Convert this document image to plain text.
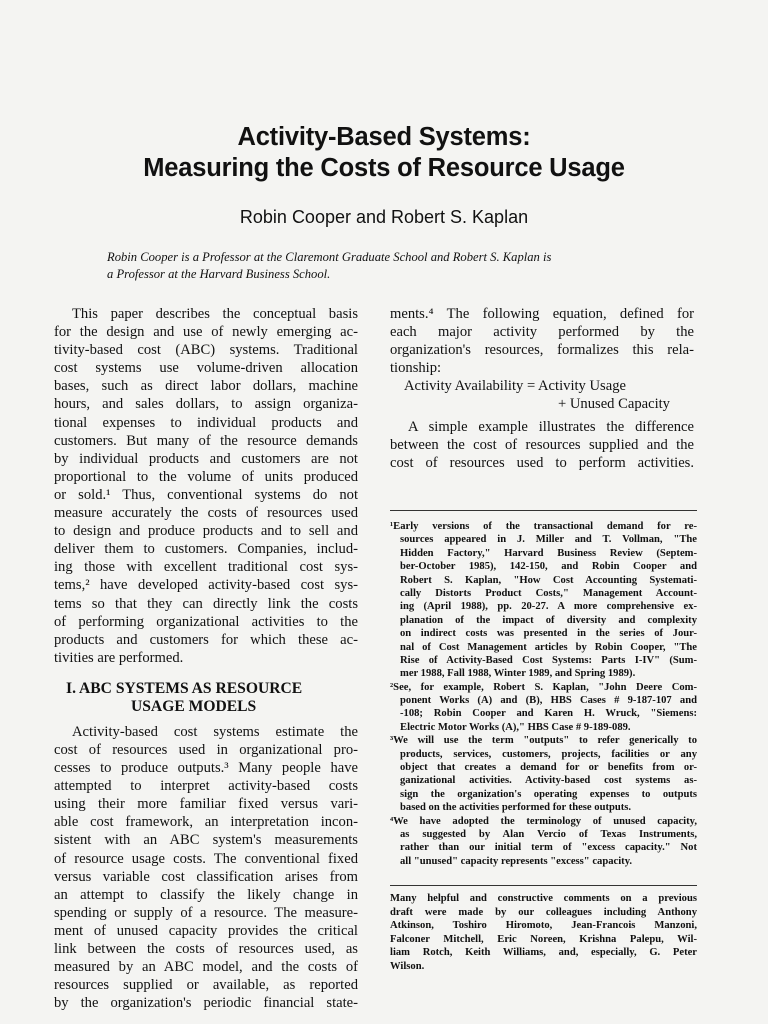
Activity-Based Systems:
Measuring the Costs of Resource Usage
Robin Cooper and Robert S. Kaplan
Robin Cooper is a Professor at the Claremont Graduate School and Robert S. Kaplan is
a Professor at the Harvard Business School.
This paper describes the conceptual basis
for the design and use of newly emerging ac-
tivity-based cost (ABC) systems. Traditional
cost systems use volume-driven allocation
bases, such as direct labor dollars, machine
hours, and sales dollars, to assign organiza-
tional expenses to individual products and
customers. But many of the resource demands
by individual products and customers are not
proportional to the volume of units produced
or sold.¹ Thus, conventional systems do not
measure accurately the costs of resources used
to design and produce products and to sell and
deliver them to customers. Companies, includ-
ing those with excellent traditional cost sys-
tems,² have developed activity-based cost sys-
tems so that they can directly link the costs
of performing organizational activities to the
products and customers for which these ac-
tivities are performed.
I. ABC SYSTEMS AS RESOURCE
USAGE MODELS
Activity-based cost systems estimate the
cost of resources used in organizational pro-
cesses to produce outputs.³ Many people have
attempted to interpret activity-based costs
using their more familiar fixed versus vari-
able cost framework, an interpretation incon-
sistent with an ABC system's measurements
of resource usage costs. The conventional fixed
versus variable cost classification arises from
an attempt to classify the likely change in
spending or supply of a resource. The measure-
ment of unused capacity provides the critical
link between the costs of resources used, as
measured by an ABC model, and the costs of
resources supplied or available, as reported
by the organization's periodic financial state-
ments.⁴ The following equation, defined for
each major activity performed by the
organization's resources, formalizes this rela-
tionship:
Activity Availability = Activity Usage
+ Unused Capacity
A simple example illustrates the difference
between the cost of resources supplied and the
cost of resources used to perform activities.
¹Early versions of the transactional demand for re-
sources appeared in J. Miller and T. Vollman, "The
Hidden Factory," Harvard Business Review (Septem-
ber-October 1985), 142-150, and Robin Cooper and
Robert S. Kaplan, "How Cost Accounting Systemati-
cally Distorts Product Costs," Management Account-
ing (April 1988), pp. 20-27. A more comprehensive ex-
planation of the impact of diversity and complexity
on indirect costs was presented in the series of Jour-
nal of Cost Management articles by Robin Cooper, "The
Rise of Activity-Based Cost Systems: Parts I-IV" (Sum-
mer 1988, Fall 1988, Winter 1989, and Spring 1989).
²See, for example, Robert S. Kaplan, "John Deere Com-
ponent Works (A) and (B), HBS Cases # 9-187-107 and
-108; Robin Cooper and Karen H. Wruck, "Siemens:
Electric Motor Works (A)," HBS Case # 9-189-089.
³We will use the term "outputs" to refer generically to
products, services, customers, projects, facilities or any
object that creates a demand for or benefits from or-
ganizational activities. Activity-based cost systems as-
sign the organization's operating expenses to outputs
based on the activities performed for these outputs.
⁴We have adopted the terminology of unused capacity,
as suggested by Alan Vercio of Texas Instruments,
rather than our initial term of "excess capacity." Not
all "unused" capacity represents "excess" capacity.
Many helpful and constructive comments on a previous
draft were made by our colleagues including Anthony
Atkinson, Toshiro Hiromoto, Jean-Francois Manzoni,
Falconer Mitchell, Eric Noreen, Krishna Palepu, Wil-
liam Rotch, Keith Williams, and, especially, G. Peter
Wilson.
